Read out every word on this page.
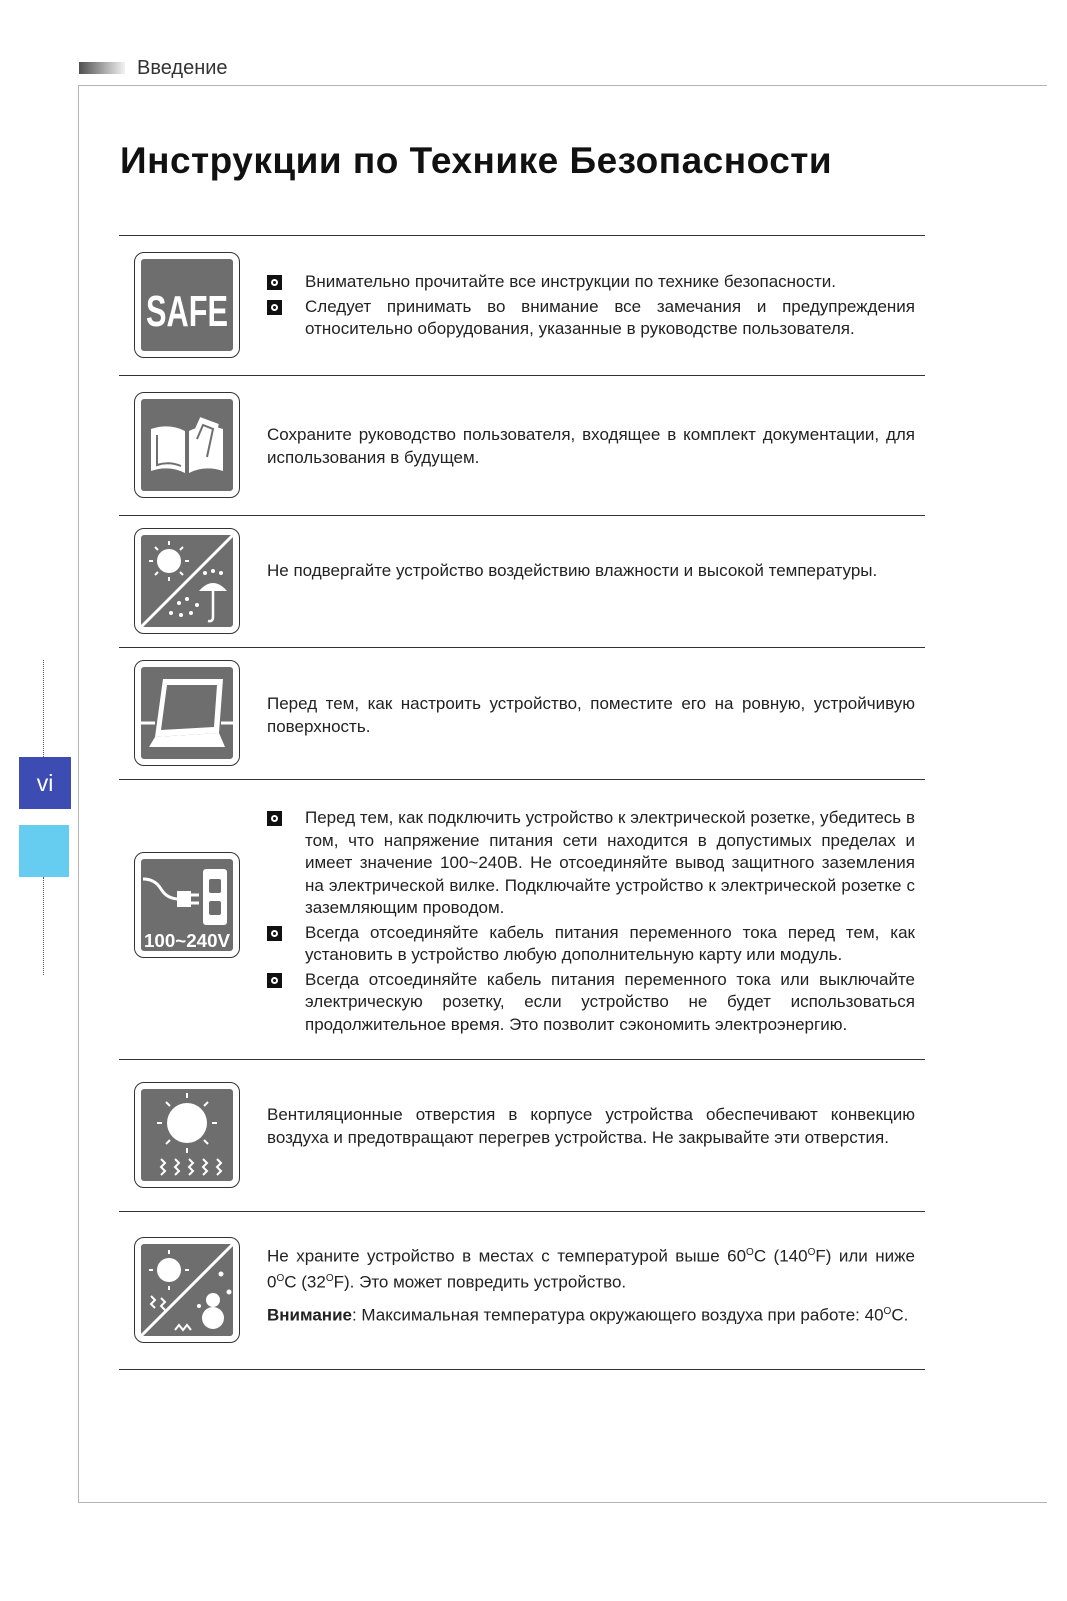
Введение
Инструкции по Технике Безопасности
vi
SAFE
Внимательно прочитайте все инструкции по технике безопасности.
Следует принимать во внимание все замечания и предупреждения относительно оборудования, указанные в руководстве пользователя.
Сохраните руководство пользователя, входящее в комплект документации, для использования в будущем.
Не подвергайте устройство воздействию влажности и высокой температуры.
Перед тем, как настроить устройство, поместите его на ровную, устройчивую поверхность.
100~240V
Перед тем, как подключить устройство к электрической розетке, убедитесь в том, что напряжение питания сети находится в допустимых пределах и имеет значение 100~240В. Не отсоединяйте вывод защитного заземления на электрической вилке. Подключайте устройство к электрической розетке с заземляющим проводом.
Всегда отсоединяйте кабель питания переменного тока перед тем, как установить в устройство любую дополнительную карту или модуль.
Всегда отсоединяйте кабель питания переменного тока или выключайте электрическую розетку, если устройство не будет использоваться продолжительное время. Это позволит сэкономить электроэнергию.
Вентиляционные отверстия в корпусе устройства обеспечивают конвекцию воздуха и предотвращают перегрев устройства. Не закрывайте эти отверстия.

Не храните устройство в местах с температурой выше $60^OC$ $(140^OF)$ или ниже $0^OC$ $(32^OF)$. Это может повредить устройство.

Внимание: Максимальная температура окружающего воздуха при работе: $40^OC$.
